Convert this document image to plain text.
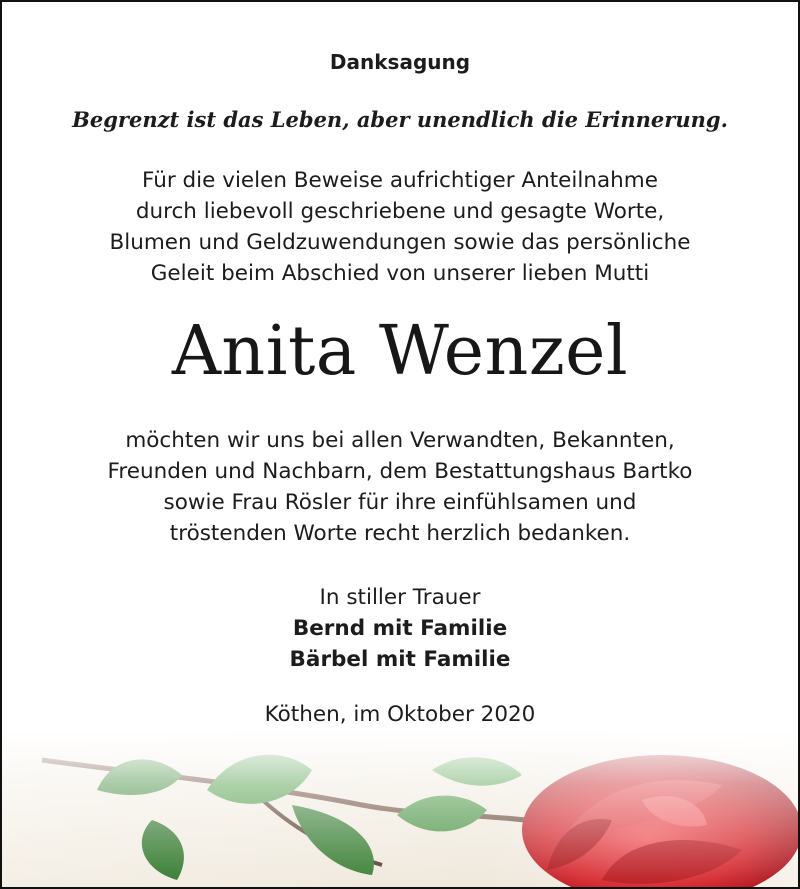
Danksagung
Begrenzt ist das Leben, aber unendlich die Erinnerung.
Für die vielen Beweise aufrichtiger Anteilnahme
durch liebevoll geschriebene und gesagte Worte,
Blumen und Geldzuwendungen sowie das persönliche
Geleit beim Abschied von unserer lieben Mutti
Anita Wenzel
möchten wir uns bei allen Verwandten, Bekannten,
Freunden und Nachbarn, dem Bestattungshaus Bartko
sowie Frau Rösler für ihre einfühlsamen und
tröstenden Worte recht herzlich bedanken.
In stiller Trauer
Bernd mit Familie
Bärbel mit Familie
Köthen, im Oktober 2020
